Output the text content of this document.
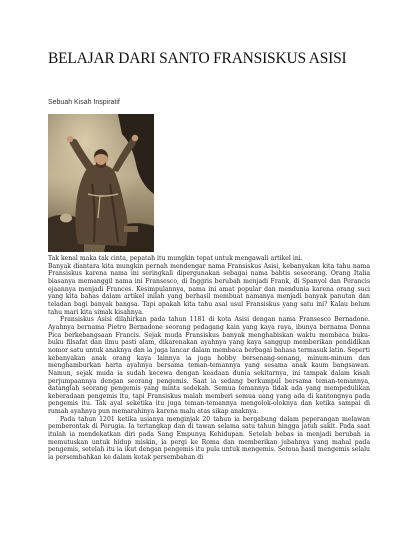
BELAJAR DARI SANTO FRANSISKUS ASISI

Sebuah Kisah Inspiratif

Tak kenal maka tak cinta, pepatah itu mungkin tepat untuk mengawali artikel ini.

Banyak diantara kita mungkin pernah mendengar nama Fransiskus Asisi, kebanyakan kita tahu nama Fransiskus karena nama ini seringkali dipergunakan sebagai nama babtis seseorang. Orang Italia biasanya memanggil nama ini Fransesco, di Inggris berubah menjadi Frank, di Spanyol dan Perancis ejaannya menjadi Frances. Kesimpulannya, nama ini amat popular dan mendunia karena orang suci yang kita bahas dalam artikel inilah yang berhasil membuat namanya menjadi banyak panutan dan teladan bagi banyak bangsa. Tapi apakah kita tahu asal usul Fransiskus yang satu ini? Kalau belum tahu mari kita simak kisahnya.

Fransiskus Asisi dilahirkan pada tahun 1181 di kota Asisi dengan nama Fransesco Bernadone. Ayahnya bernama Pietro Bernadone seorang pedagang kain yang kaya raya, ibunya bernama Donna Pica berkebangsaan Francis. Sejak muda Fransiskus banyak menghabiskan waktu membaca buku-buku filsafat dan ilmu pasti alam, dikarenakan ayahnya yang kaya sanggup memberikan pendidikan nomor satu untuk anaknya dan ia juga lancar dalam membaca berbagai bahasa termasuk latin. Seperti kebanyakan anak orang kaya lainnya ia juga hobby bersenang-senang, minum-minum dan menghamburkan harta ayahnya bersama teman-temannya yang sesama anak kaum bangsawan. Namun, sejak muda ia sudah kecewa dengan keadaan dunia sekitarnya, ini tampak dalam kisah perjumpaannya dengan seorang pengemis. Saat ia sedang berkumpul bersama teman-temannya, datanglah seorang pengemis yang minta sedekah. Semua temannya tidak ada yang mempedulikan keberadaan pengemis itu, tapi Fransiskus malah memberi semua uang yang ada di kantongnya pada pengemis itu. Tak ayal seketika itu juga teman-temannya mengolok-oloknya dan ketika sampai di rumah ayahnya pun memarahinya karena malu atas sikap anaknya.

Pada tahun 1201 ketika usianya menginjak 20 tahun ia bergabung dalam peperangan melawan pemberontak di Perugia. Ia tertangkap dan di tawan selama satu tahun hingga jatuh sakit. Pada saat itulah ia mendekatkan diri pada Sang Empunya Kehidupan. Setelah bebas ia menjadi berubah ia memutuskan untuk hidup miskin, ia pergi ke Roma dan memberikan jubahnya yang mahal pada pengemis, setelah itu ia ikut dengan pengemis itu pula untuk mengemis. Semua hasil mengemis selalu ia persembahkan ke dalam kotak persembahan di
